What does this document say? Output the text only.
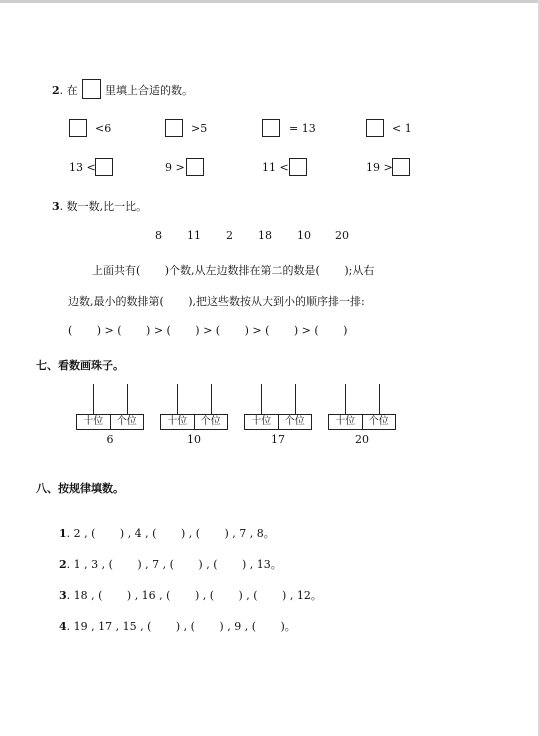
2. 在 里填上合适的数。
<6	>5	= 13	< 1
13 <	9 >	11 <	19 >
3. 数一数,比一比。
8 11 2 18 10 20
上面共有(       )个数,从左边数排在第二的数是(       );从右
边数,最小的数排第(       ),把这些数按从大到小的顺序排一排:
(       ) > (       ) > (       ) > (       ) > (       ) > (       )
七、看数画珠子。
十位	个位
6
十位	个位
10
十位	个位
17
十位	个位
20
八、按规律填数。

1. 2 , (       ) , 4 , (       ) , (       ) , 7 , 8。

2. 1 , 3 , (       ) , 7 , (       ) , (       ) , 13。

3. 18 , (       ) , 16 , (       ) , (       ) , (       ) , 12。

4. 19 , 17 , 15 , (       ) , (       ) , 9 , (       )。
